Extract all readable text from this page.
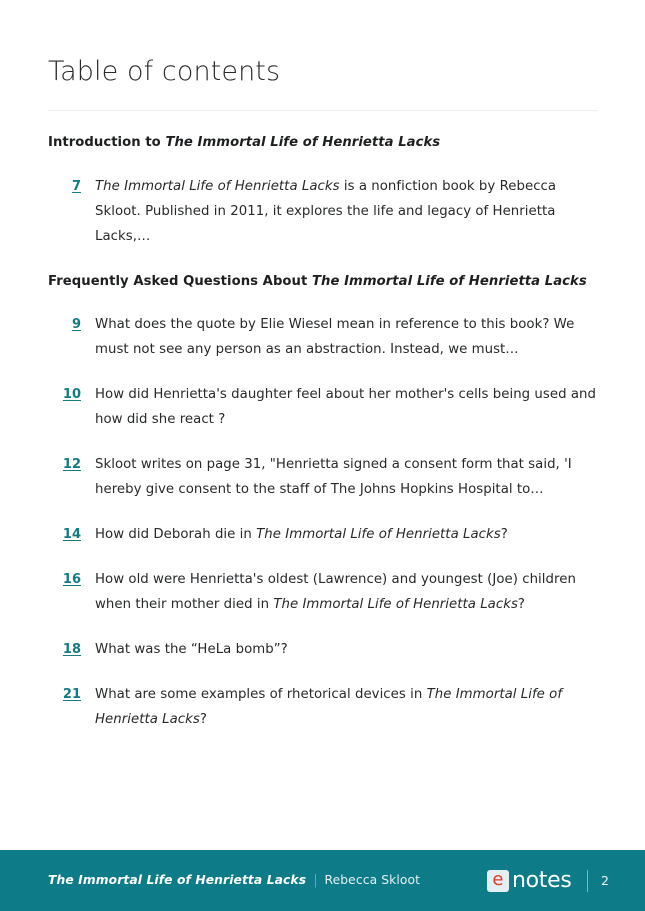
Table of contents
Introduction to The Immortal Life of Henrietta Lacks
7 The Immortal Life of Henrietta Lacks is a nonfiction book by Rebecca Skloot. Published in 2011, it explores the life and legacy of Henrietta Lacks,…
Frequently Asked Questions About The Immortal Life of Henrietta Lacks
9 What does the quote by Elie Wiesel mean in reference to this book? We must not see any person as an abstraction. Instead, we must…
10 How did Henrietta's daughter feel about her mother's cells being used and how did she react ?
12 Skloot writes on page 31, "Henrietta signed a consent form that said, 'I hereby give consent to the staff of The Johns Hopkins Hospital to…
14 How did Deborah die in The Immortal Life of Henrietta Lacks?
16 How old were Henrietta's oldest (Lawrence) and youngest (Joe) children when their mother died in The Immortal Life of Henrietta Lacks?
18 What was the “HeLa bomb”?
21 What are some examples of rhetorical devices in The Immortal Life of Henrietta Lacks?
The Immortal Life of Henrietta Lacks | Rebecca Skloot	e notes 2
